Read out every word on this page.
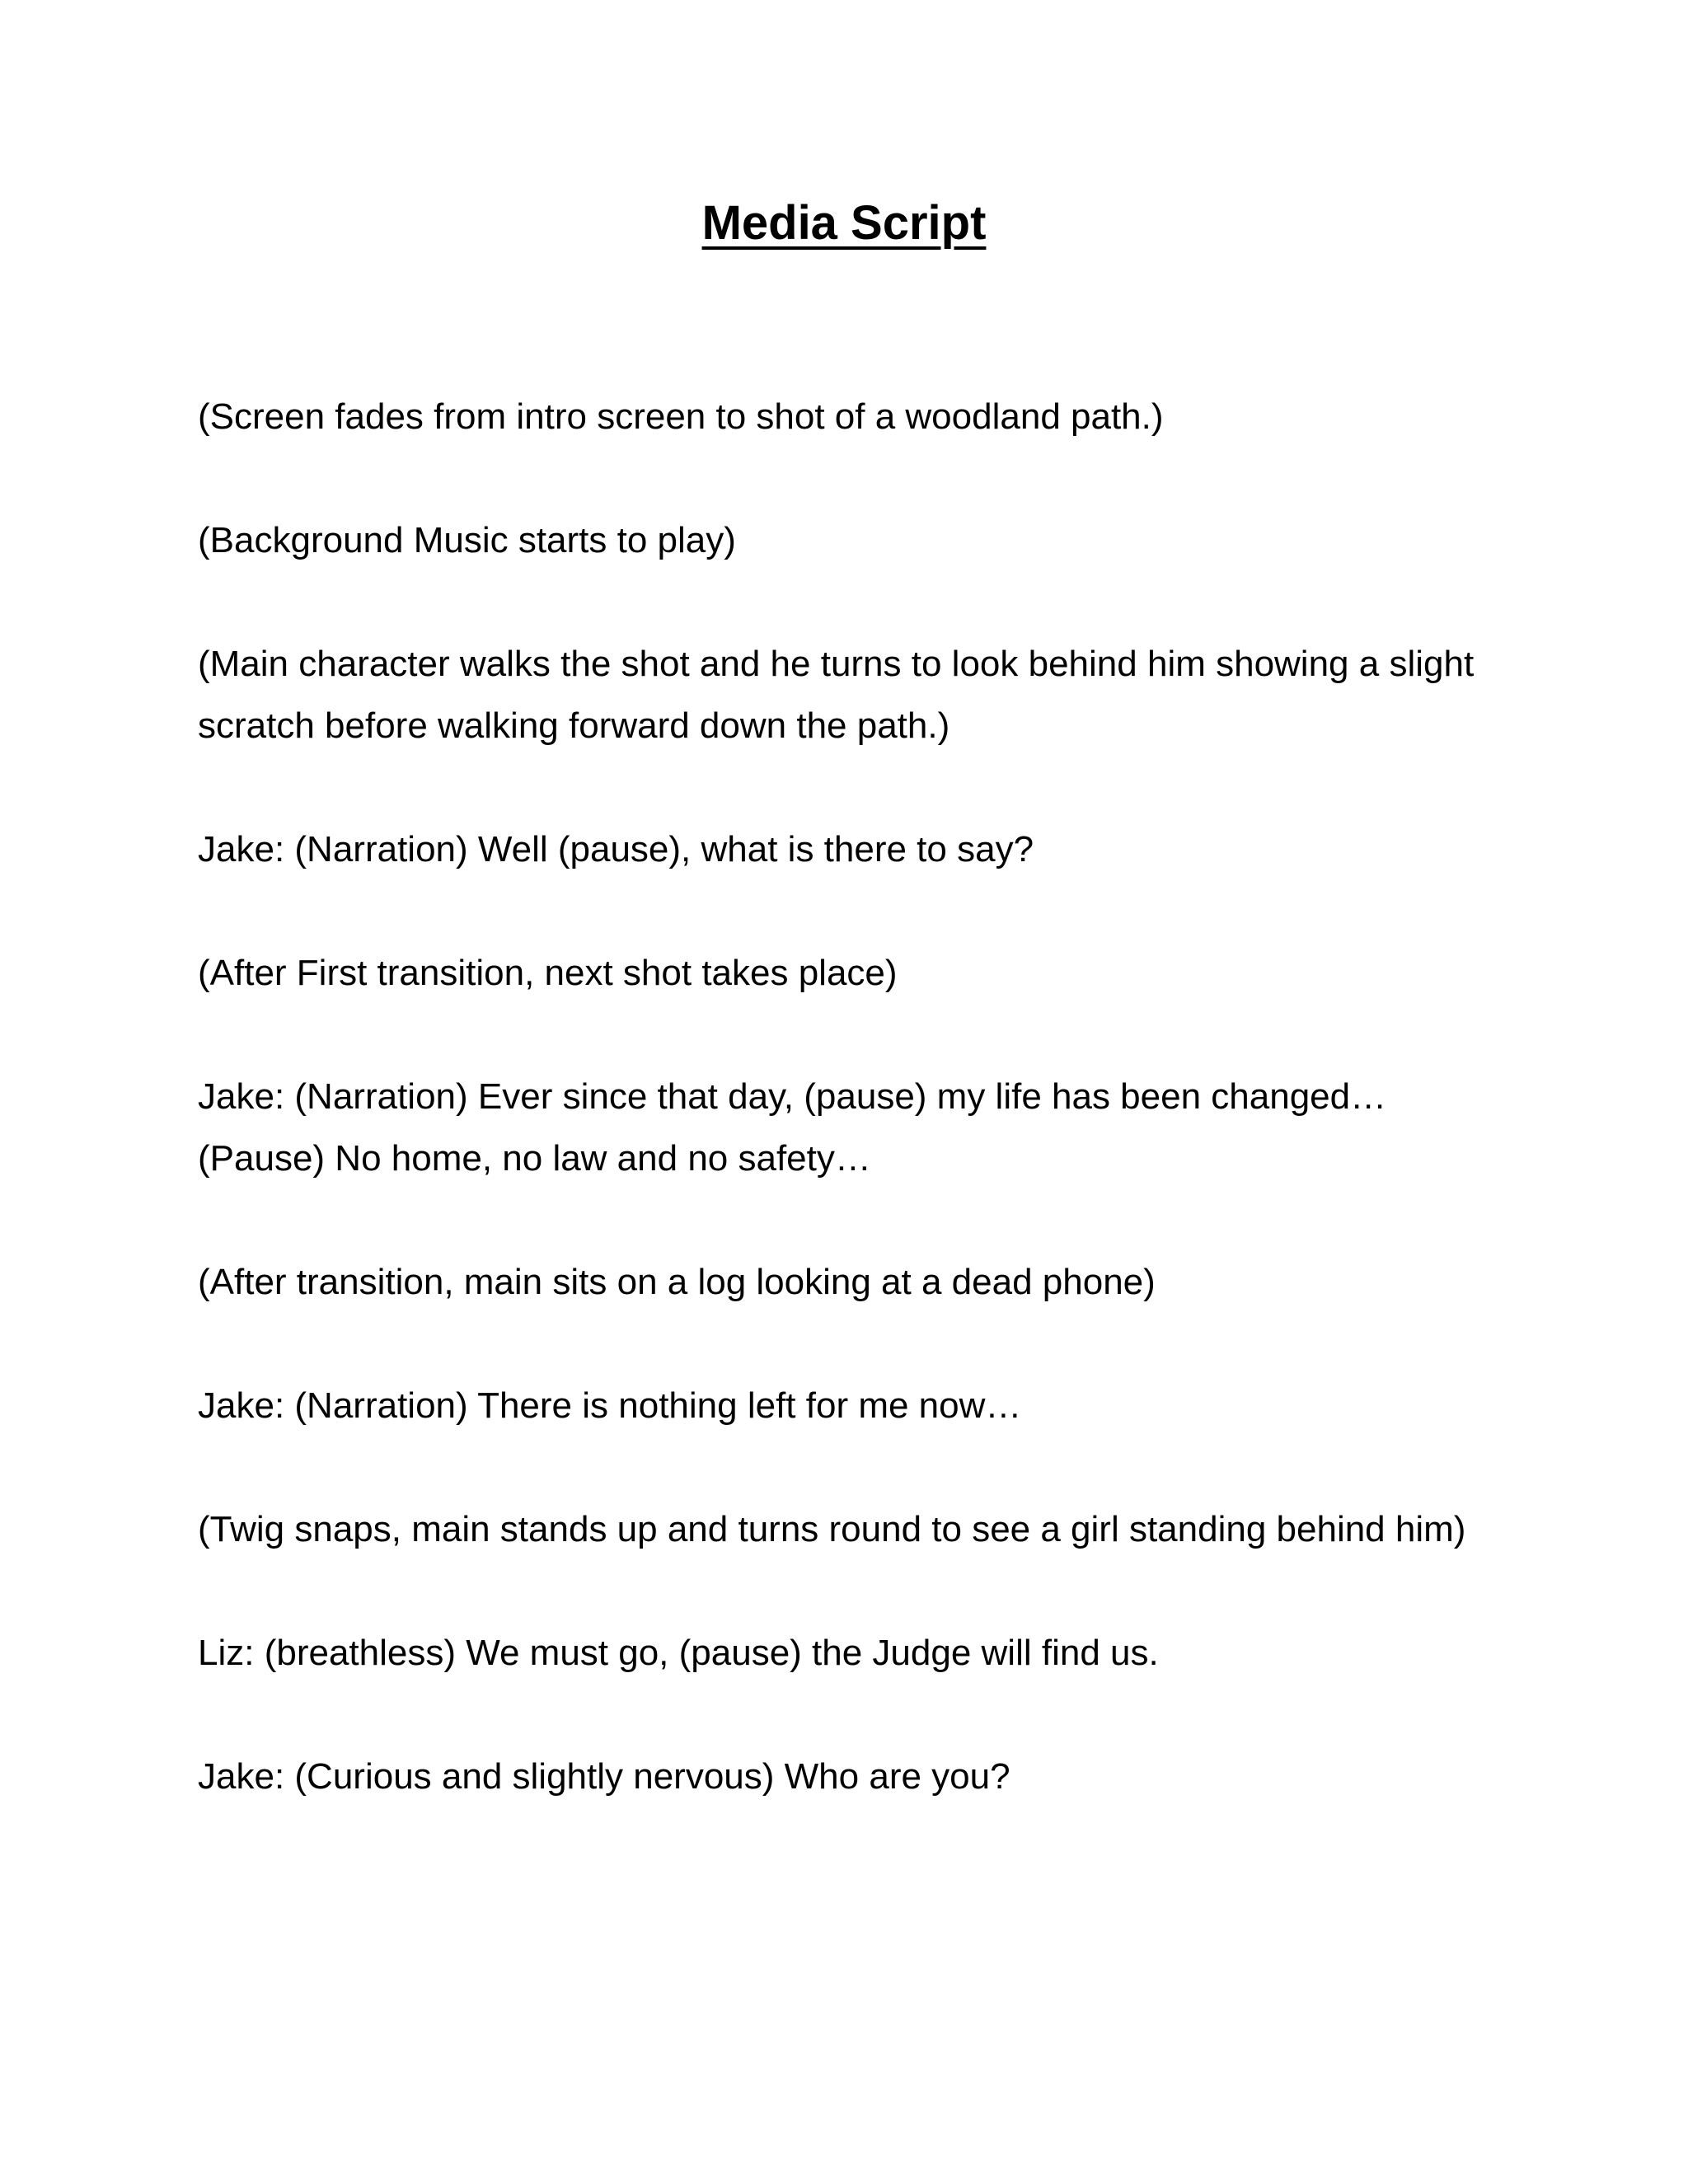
Media Script

(Screen fades from intro screen to shot of a woodland path.)

(Background Music starts to play)

(Main character walks the shot and he turns to look behind him showing a slight scratch before walking forward down the path.)

Jake: (Narration) Well (pause), what is there to say?

(After First transition, next shot takes place)

Jake: (Narration) Ever since that day, (pause) my life has been changed… (Pause) No home, no law and no safety…

(After transition, main sits on a log looking at a dead phone)

Jake: (Narration) There is nothing left for me now…

(Twig snaps, main stands up and turns round to see a girl standing behind him)

Liz: (breathless) We must go, (pause) the Judge will find us.

Jake: (Curious and slightly nervous) Who are you?
